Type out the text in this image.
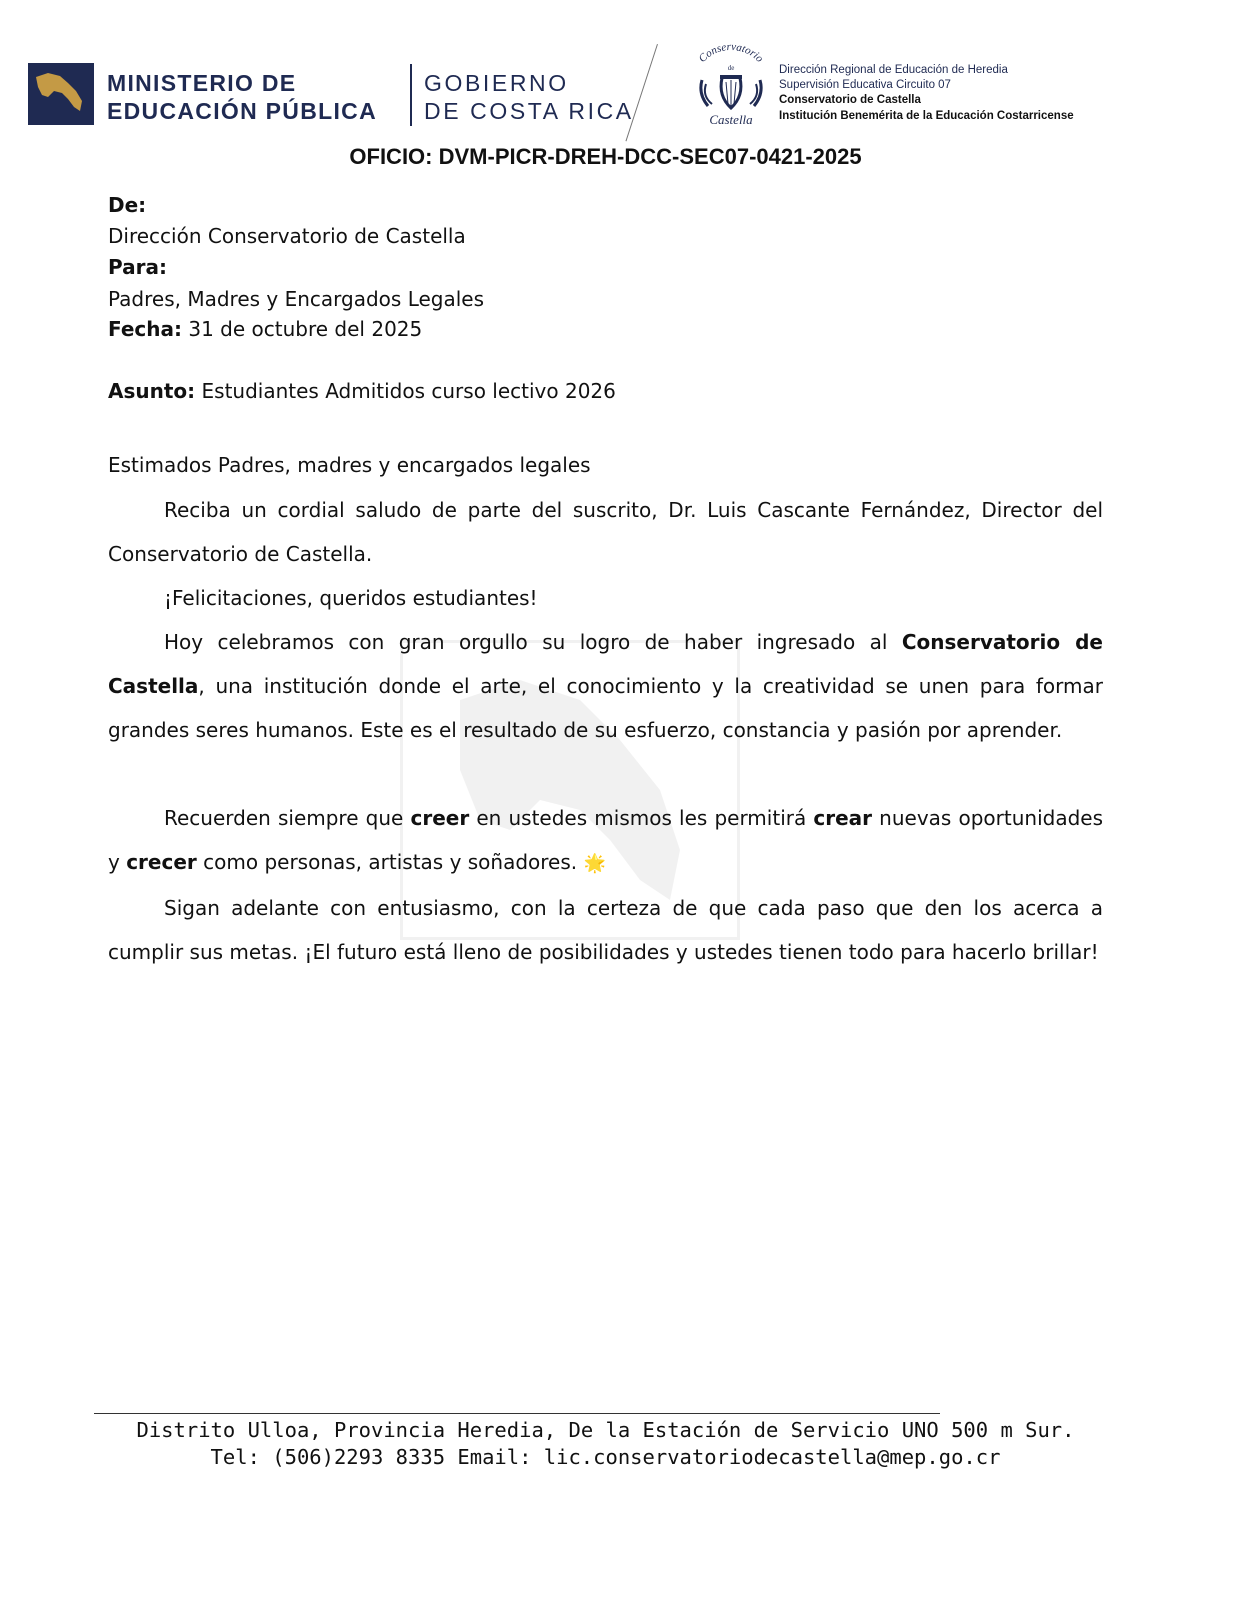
MINISTERIO DE
EDUCACIÓN PÚBLICA
GOBIERNO
DE COSTA RICA
Conservatorio
de
Castella
Dirección Regional de Educación de Heredia
Supervisión Educativa Circuito 07
Conservatorio de Castella
Institución Benemérita de la Educación Costarricense
OFICIO: DVM-PICR-DREH-DCC-SEC07-0421-2025
De:
Dirección Conservatorio de Castella
Para:
Padres, Madres y Encargados Legales
Fecha: 31 de octubre del 2025
Asunto: Estudiantes Admitidos curso lectivo 2026
Estimados Padres, madres y encargados legales
Reciba un cordial saludo de parte del suscrito, Dr. Luis Cascante Fernández, Director del Conservatorio de Castella.
¡Felicitaciones, queridos estudiantes!
Hoy celebramos con gran orgullo su logro de haber ingresado al Conservatorio de Castella, una institución donde el arte, el conocimiento y la creatividad se unen para formar grandes seres humanos. Este es el resultado de su esfuerzo, constancia y pasión por aprender.
Recuerden siempre que creer en ustedes mismos les permitirá crear nuevas oportunidades y crecer como personas, artistas y soñadores. 🌟
Sigan adelante con entusiasmo, con la certeza de que cada paso que den los acerca a cumplir sus metas. ¡El futuro está lleno de posibilidades y ustedes tienen todo para hacerlo brillar!
Distrito Ulloa, Provincia Heredia, De la Estación de Servicio UNO 500 m Sur.
Tel: (506)2293 8335 Email: lic.conservatoriodecastella@mep.go.cr
